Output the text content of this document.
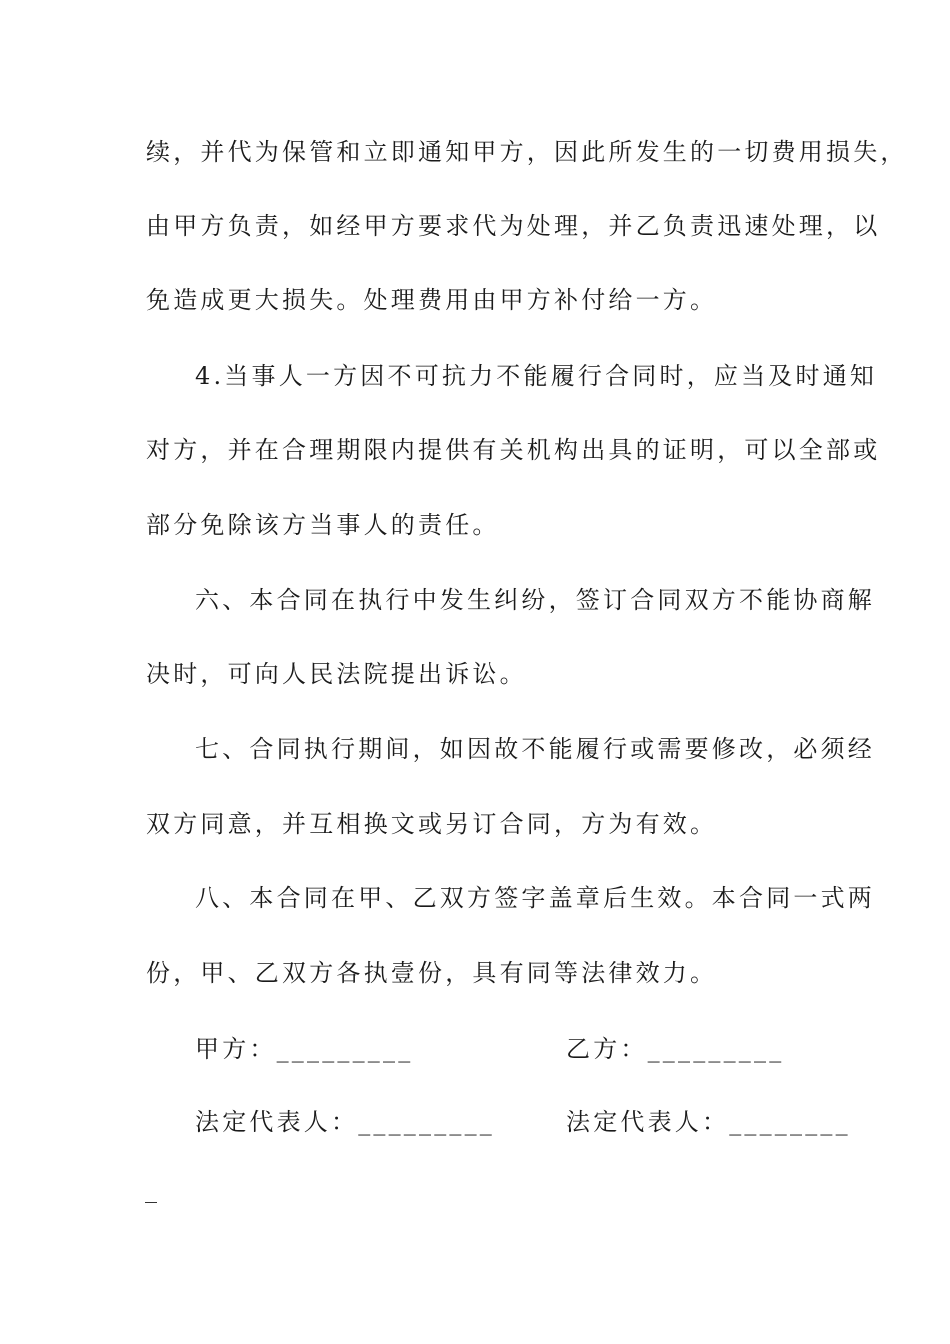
续，并代为保管和立即通知甲方，因此所发生的一切费用损失，
由甲方负责，如经甲方要求代为处理，并乙负责迅速处理，以
免造成更大损失。处理费用由甲方补付给一方。
4.当事人一方因不可抗力不能履行合同时，应当及时通知
对方，并在合理期限内提供有关机构出具的证明，可以全部或
部分免除该方当事人的责任。
六、本合同在执行中发生纠纷，签订合同双方不能协商解
决时，可向人民法院提出诉讼。
七、合同执行期间，如因故不能履行或需要修改，必须经
双方同意，并互相换文或另订合同，方为有效。
八、本合同在甲、乙双方签字盖章后生效。本合同一式两
份，甲、乙双方各执壹份，具有同等法律效力。
甲方：_________	乙方：_________
法定代表人：_________	法定代表人：________
